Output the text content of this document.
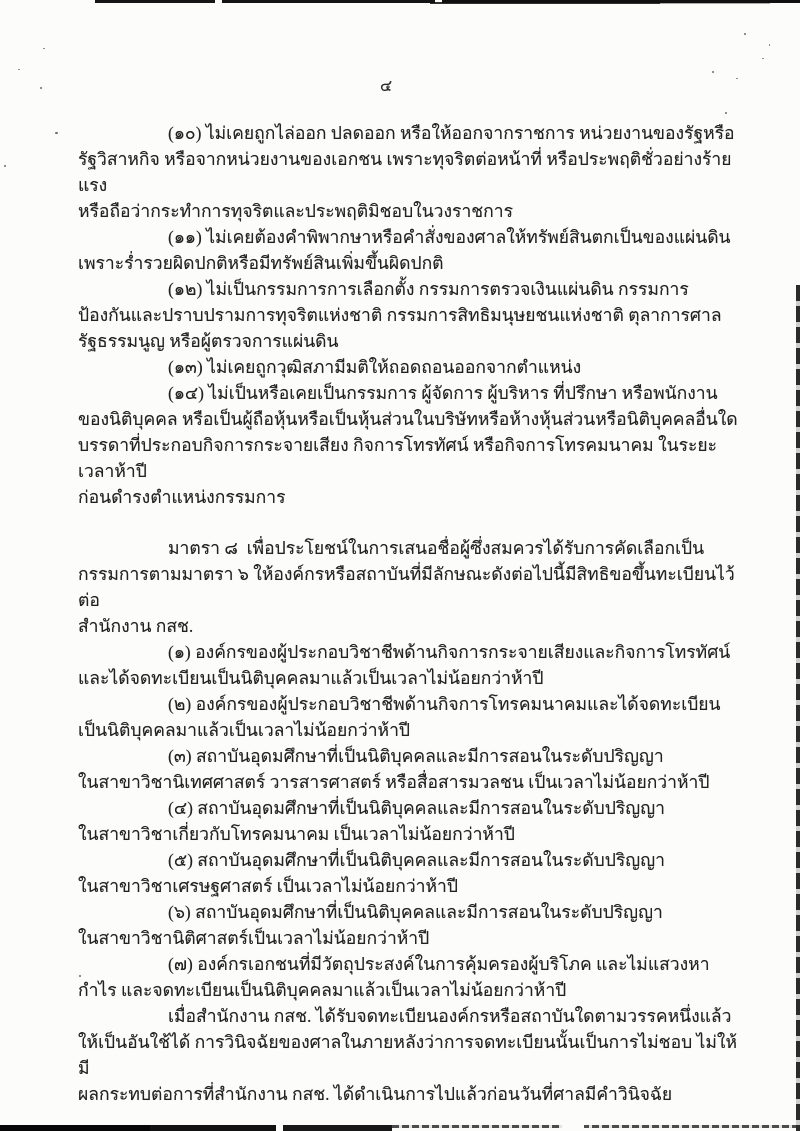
๔
(๑๐) ไม่เคยถูกไล่ออก ปลดออก หรือให้ออกจากราชการ หน่วยงานของรัฐหรือ
รัฐวิสาหกิจ หรือจากหน่วยงานของเอกชน เพราะทุจริตต่อหน้าที่ หรือประพฤติชั่วอย่างร้ายแรง
หรือถือว่ากระทำการทุจริตและประพฤติมิชอบในวงราชการ
(๑๑) ไม่เคยต้องคำพิพากษาหรือคำสั่งของศาลให้ทรัพย์สินตกเป็นของแผ่นดิน
เพราะร่ำรวยผิดปกติหรือมีทรัพย์สินเพิ่มขึ้นผิดปกติ
(๑๒) ไม่เป็นกรรมการการเลือกตั้ง กรรมการตรวจเงินแผ่นดิน กรรมการ
ป้องกันและปราบปรามการทุจริตแห่งชาติ กรรมการสิทธิมนุษยชนแห่งชาติ ตุลาการศาล
รัฐธรรมนูญ หรือผู้ตรวจการแผ่นดิน
(๑๓) ไม่เคยถูกวุฒิสภามีมติให้ถอดถอนออกจากตำแหน่ง
(๑๔) ไม่เป็นหรือเคยเป็นกรรมการ ผู้จัดการ ผู้บริหาร ที่ปรึกษา หรือพนักงาน
ของนิติบุคคล หรือเป็นผู้ถือหุ้นหรือเป็นหุ้นส่วนในบริษัทหรือห้างหุ้นส่วนหรือนิติบุคคลอื่นใด
บรรดาที่ประกอบกิจการกระจายเสียง กิจการโทรทัศน์ หรือกิจการโทรคมนาคม ในระยะเวลาห้าปี
ก่อนดำรงตำแหน่งกรรมการ
มาตรา ๘  เพื่อประโยชน์ในการเสนอชื่อผู้ซึ่งสมควรได้รับการคัดเลือกเป็น
กรรมการตามมาตรา ๖ ให้องค์กรหรือสถาบันที่มีลักษณะดังต่อไปนี้มีสิทธิขอขึ้นทะเบียนไว้ต่อ
สำนักงาน กสช.
(๑) องค์กรของผู้ประกอบวิชาชีพด้านกิจการกระจายเสียงและกิจการโทรทัศน์
และได้จดทะเบียนเป็นนิติบุคคลมาแล้วเป็นเวลาไม่น้อยกว่าห้าปี
(๒) องค์กรของผู้ประกอบวิชาชีพด้านกิจการโทรคมนาคมและได้จดทะเบียน
เป็นนิติบุคคลมาแล้วเป็นเวลาไม่น้อยกว่าห้าปี
(๓) สถาบันอุดมศึกษาที่เป็นนิติบุคคลและมีการสอนในระดับปริญญา
ในสาขาวิชานิเทศศาสตร์ วารสารศาสตร์ หรือสื่อสารมวลชน เป็นเวลาไม่น้อยกว่าห้าปี
(๔) สถาบันอุดมศึกษาที่เป็นนิติบุคคลและมีการสอนในระดับปริญญา
ในสาขาวิชาเกี่ยวกับโทรคมนาคม เป็นเวลาไม่น้อยกว่าห้าปี
(๕) สถาบันอุดมศึกษาที่เป็นนิติบุคคลและมีการสอนในระดับปริญญา
ในสาขาวิชาเศรษฐศาสตร์ เป็นเวลาไม่น้อยกว่าห้าปี
(๖) สถาบันอุดมศึกษาที่เป็นนิติบุคคลและมีการสอนในระดับปริญญา
ในสาขาวิชานิติศาสตร์เป็นเวลาไม่น้อยกว่าห้าปี
(๗) องค์กรเอกชนที่มีวัตถุประสงค์ในการคุ้มครองผู้บริโภค และไม่แสวงหา
กำไร และจดทะเบียนเป็นนิติบุคคลมาแล้วเป็นเวลาไม่น้อยกว่าห้าปี
เมื่อสำนักงาน กสช. ได้รับจดทะเบียนองค์กรหรือสถาบันใดตามวรรคหนึ่งแล้ว
ให้เป็นอันใช้ได้ การวินิจฉัยของศาลในภายหลังว่าการจดทะเบียนนั้นเป็นการไม่ชอบ ไม่ให้มี
ผลกระทบต่อการที่สำนักงาน กสช. ได้ดำเนินการไปแล้วก่อนวันที่ศาลมีคำวินิจฉัย
